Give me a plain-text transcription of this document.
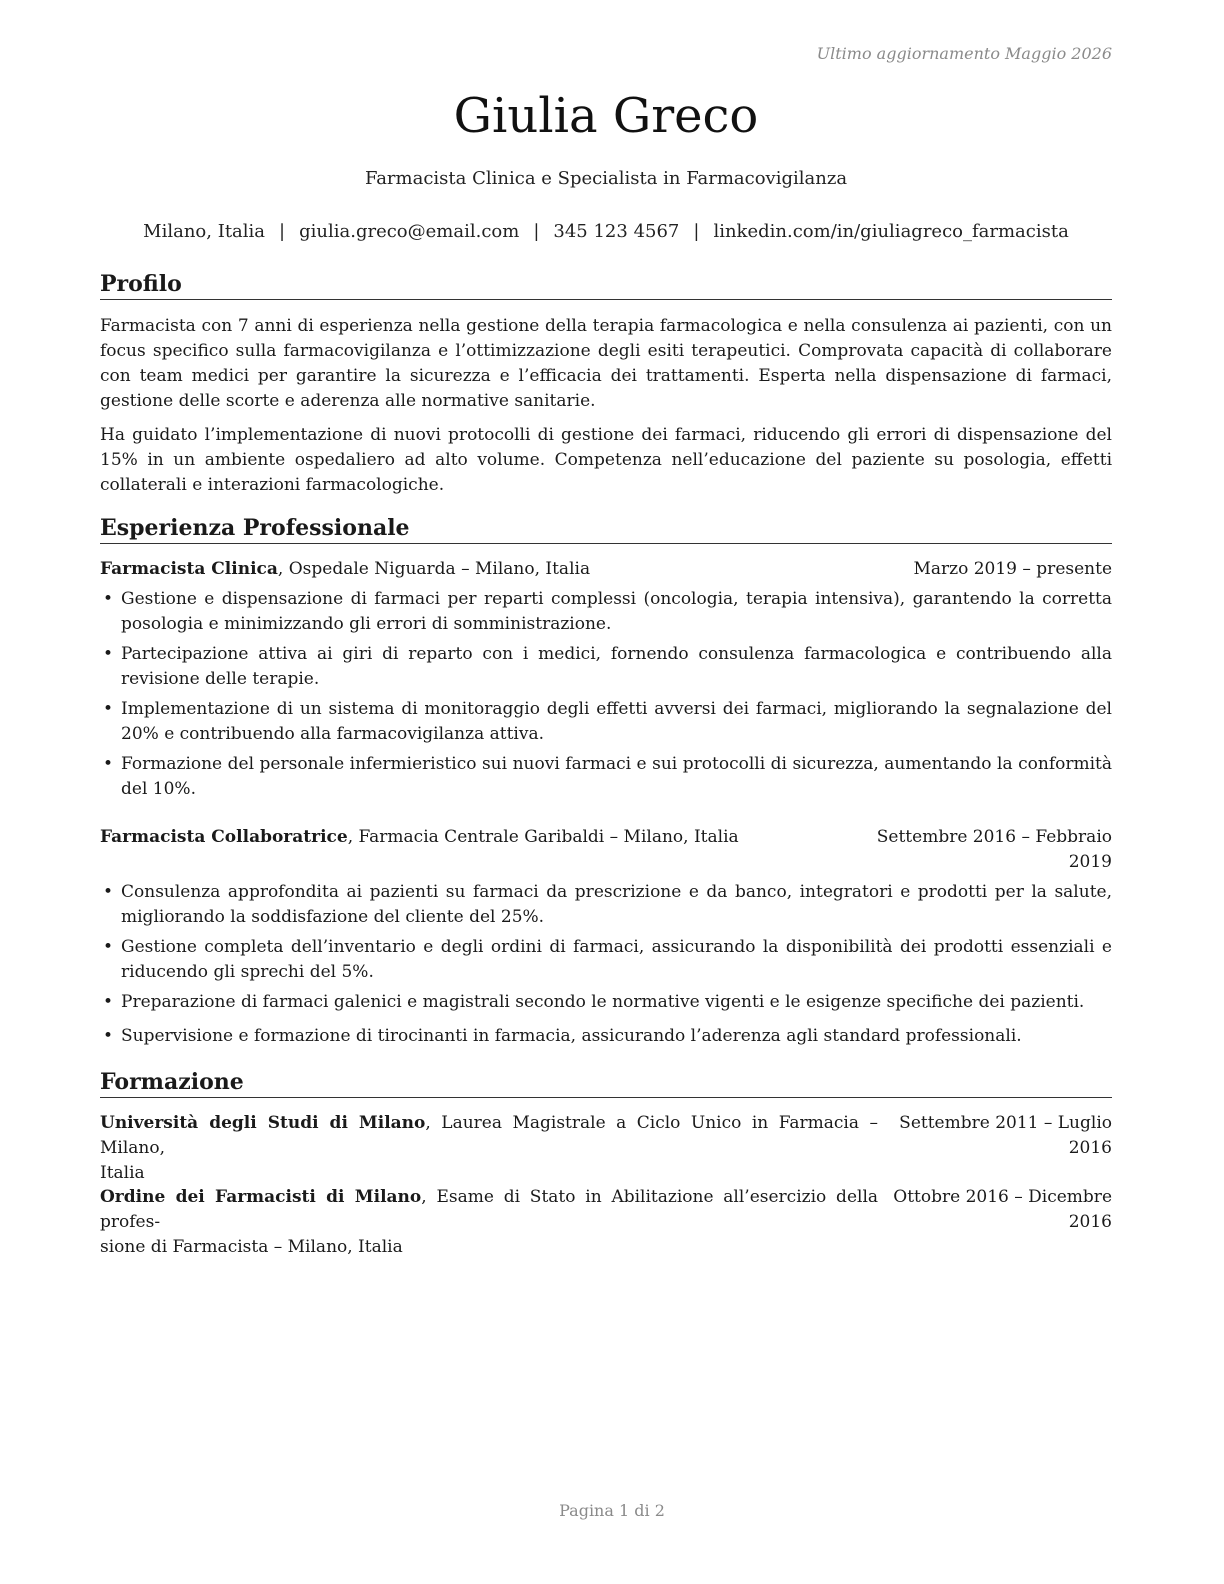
Ultimo aggiornamento Maggio 2026
Giulia Greco
Farmacista Clinica e Specialista in Farmacovigilanza
Milano, Italia | giulia.greco@email.com | 345 123 4567 | linkedin.com/in/giuliagreco_farmacista
Profilo

Farmacista con 7 anni di esperienza nella gestione della terapia farmacologica e nella consulenza ai pazienti, con un focus specifico sulla farmacovigilanza e l’ottimizzazione degli esiti terapeutici. Comprovata capacità di collaborare con team medici per garantire la sicurezza e l’efficacia dei trattamenti. Esperta nella dispensazione di farmaci, gestione delle scorte e aderenza alle normative sanitarie.

Ha guidato l’implementazione di nuovi protocolli di gestione dei farmaci, riducendo gli errori di dispensazione del 15% in un ambiente ospedaliero ad alto volume. Competenza nell’educazione del paziente su posologia, effetti collaterali e interazioni farmacologiche.

Esperienza Professionale
Farmacista Clinica, Ospedale Niguarda – Milano, Italia	Marzo 2019 – presente
• Gestione e dispensazione di farmaci per reparti complessi (oncologia, terapia intensiva), garantendo la corretta posologia e minimizzando gli errori di somministrazione.
• Partecipazione attiva ai giri di reparto con i medici, fornendo consulenza farmacologica e contribuendo alla revisione delle terapie.
• Implementazione di un sistema di monitoraggio degli effetti avversi dei farmaci, migliorando la segnalazione del 20% e contribuendo alla farmacovigilanza attiva.
• Formazione del personale infermieristico sui nuovi farmaci e sui protocolli di sicurezza, aumentando la conformità del 10%.
Farmacista Collaboratrice, Farmacia Centrale Garibaldi – Milano, Italia	Settembre 2016 – Febbraio
2019
• Consulenza approfondita ai pazienti su farmaci da prescrizione e da banco, integratori e prodotti per la salute, migliorando la soddisfazione del cliente del 25%.
• Gestione completa dell’inventario e degli ordini di farmaci, assicurando la disponibilità dei prodotti essenziali e riducendo gli sprechi del 5%.
• Preparazione di farmaci galenici e magistrali secondo le normative vigenti e le esigenze specifiche dei pazienti.
• Supervisione e formazione di tirocinanti in farmacia, assicurando l’aderenza agli standard professionali.
Formazione
Università degli Studi di Milano, Laurea Magistrale a Ciclo Unico in Farmacia – Milano,
Italia
Settembre 2011 – Luglio
2016
Ordine dei Farmacisti di Milano, Esame di Stato in Abilitazione all’esercizio della profes-
sione di Farmacista – Milano, Italia
Ottobre 2016 – Dicembre
2016
Pagina 1 di 2
